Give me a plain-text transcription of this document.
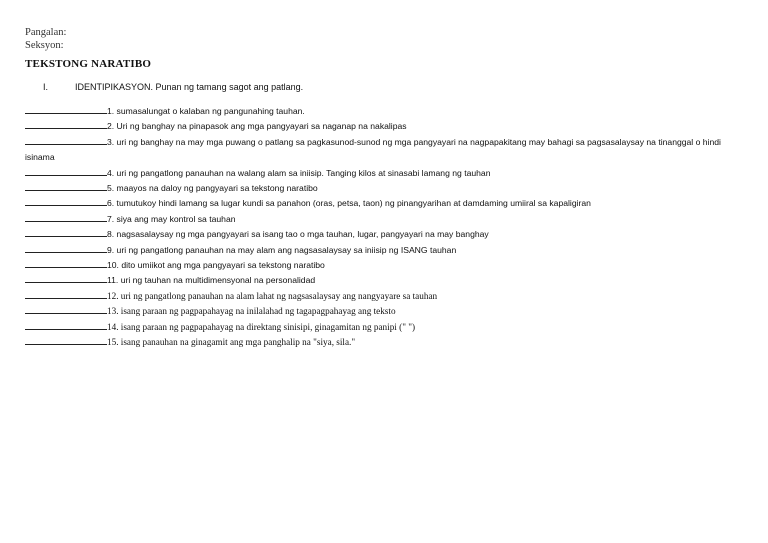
Pangalan:
Seksyon:
TEKSTONG NARATIBO
I.	IDENTIPIKASYON. Punan ng tamang sagot ang patlang.
1. sumasalungat o kalaban ng pangunahing tauhan.
2. Uri ng banghay na pinapasok ang mga pangyayari sa naganap na nakalipas
3. uri ng banghay na may mga puwang o patlang sa pagkasunod-sunod ng mga pangyayari na nagpapakitang may bahagi sa pagsasalaysay na tinanggal o hindi isinama
4. uri ng pangatlong panauhan na walang alam sa iniisip. Tanging kilos at sinasabi lamang ng tauhan
5. maayos na daloy ng pangyayari sa tekstong naratibo
6. tumutukoy hindi lamang sa lugar kundi sa panahon (oras, petsa, taon) ng pinangyarihan at damdaming umiiral sa kapaligiran
7. siya ang may kontrol sa tauhan
8. nagsasalaysay ng mga pangyayari sa isang tao o mga tauhan, lugar, pangyayari na may banghay
9. uri ng pangatlong panauhan na may alam ang nagsasalaysay sa iniisip ng ISANG tauhan
10. dito umiikot ang mga pangyayari sa tekstong naratibo
11. uri ng tauhan na multidimensyonal na personalidad
12. uri ng pangatlong panauhan na alam lahat ng nagsasalaysay ang nangyayare sa tauhan
13. isang paraan ng pagpapahayag na inilalahad ng tagapagpahayag ang teksto
14. isang paraan ng pagpapahayag na direktang sinisipi, ginagamitan ng panipi (" ")
15. isang panauhan na ginagamit ang mga panghalip na "siya, sila."
